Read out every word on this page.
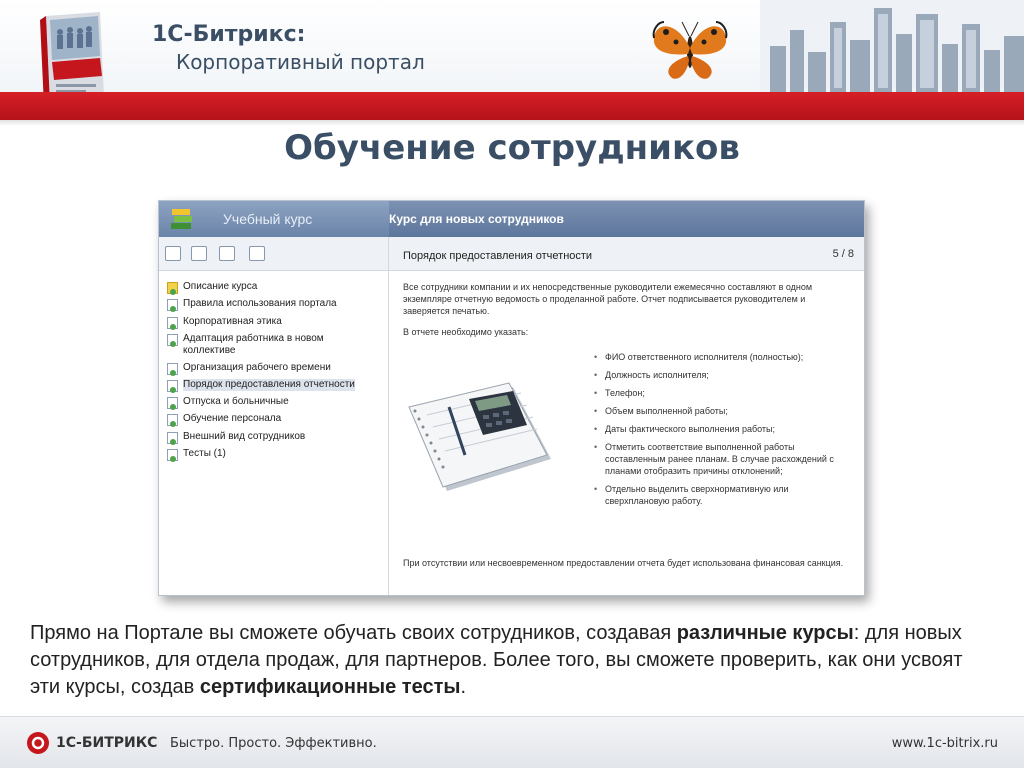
1С-Битрикс:
Корпоративный портал
Обучение сотрудников
Учебный курс	Курс для новых сотрудников
Описание курса
Правила использования портала
Корпоративная этика
Адаптация работника в новом коллективе
Организация рабочего времени
Порядок предоставления отчетности
Отпуска и больничные
Обучение персонала
Внешний вид сотрудников
Тесты (1)
Порядок предоставления отчетности	5 / 8

Все сотрудники компании и их непосредственные руководители ежемесячно составляют в одном экземпляре отчетную ведомость о проделанной работе. Отчет подписывается руководителем и заверяется печатью.

В отчете необходимо указать:

• ФИО ответственного исполнителя (полностью);
• Должность исполнителя;
• Телефон;
• Объем выполненной работы;
• Даты фактического выполнения работы;
• Отметить соответствие выполненной работы составленным ранее планам. В случае расхождений с планами отобразить причины отклонений;
• Отдельно выделить сверхнормативную или сверхплановую работу.

При отсутствии или несвоевременном предоставлении отчета будет использована финансовая санкция.

Прямо на Портале вы сможете обучать своих сотрудников, создавая различные курсы: для новых сотрудников, для отдела продаж, для партнеров. Более того, вы сможете проверить, как они усвоят эти курсы, создав сертификационные тесты.

1С-БИТРИКС Быстро. Просто. Эффективно.	www.1c-bitrix.ru
